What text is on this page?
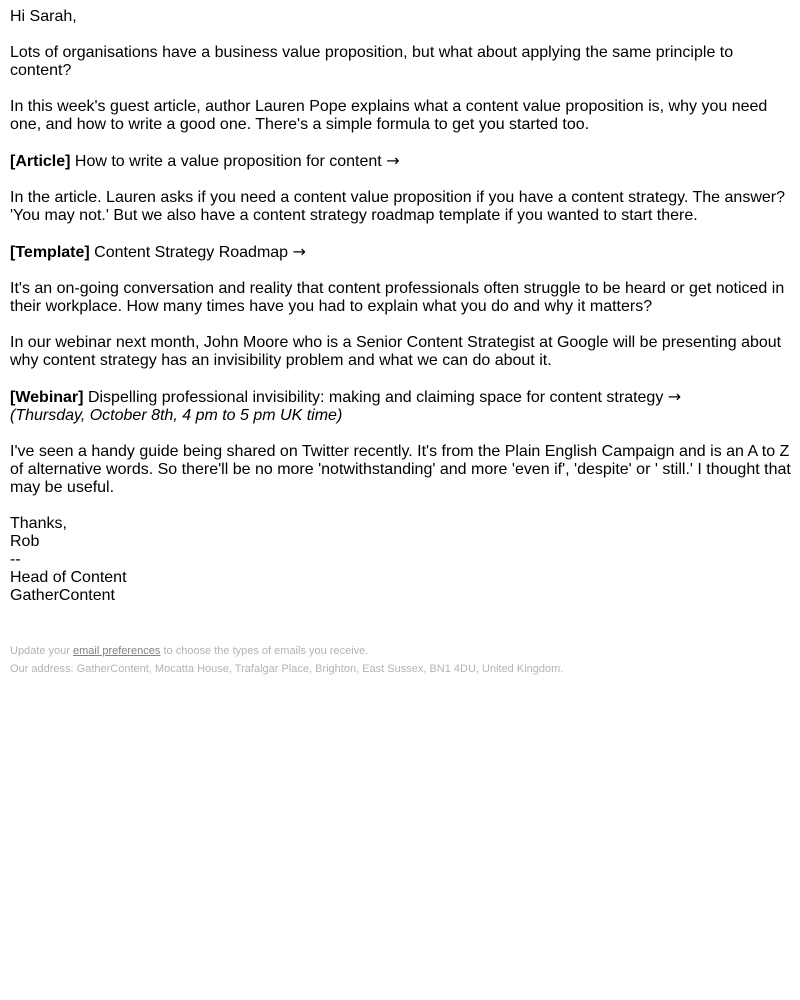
Hi Sarah,

Lots of organisations have a business value proposition, but what about applying the same principle to content?

In this week's guest article, author Lauren Pope explains what a content value proposition is, why you need one, and how to write a good one. There's a simple formula to get you started too.

[Article] How to write a value proposition for content →

In the article. Lauren asks if you need a content value proposition if you have a content strategy. The answer? 'You may not.' But we also have a content strategy roadmap template if you wanted to start there.

[Template] Content Strategy Roadmap →

It's an on-going conversation and reality that content professionals often struggle to be heard or get noticed in their workplace. How many times have you had to explain what you do and why it matters?

In our webinar next month, John Moore who is a Senior Content Strategist at Google will be presenting about why content strategy has an invisibility problem and what we can do about it.

[Webinar] Dispelling professional invisibility: making and claiming space for content strategy →
(Thursday, October 8th, 4 pm to 5 pm UK time)

I've seen a handy guide being shared on Twitter recently. It's from the Plain English Campaign and is an A to Z of alternative words. So there'll be no more 'notwithstanding' and more 'even if', 'despite' or ' still.' I thought that may be useful.

Thanks,

Rob

--

Head of Content

GatherContent

Update your email preferences to choose the types of emails you receive.

Our address: GatherContent, Mocatta House, Trafalgar Place, Brighton, East Sussex, BN1 4DU, United Kingdom.
